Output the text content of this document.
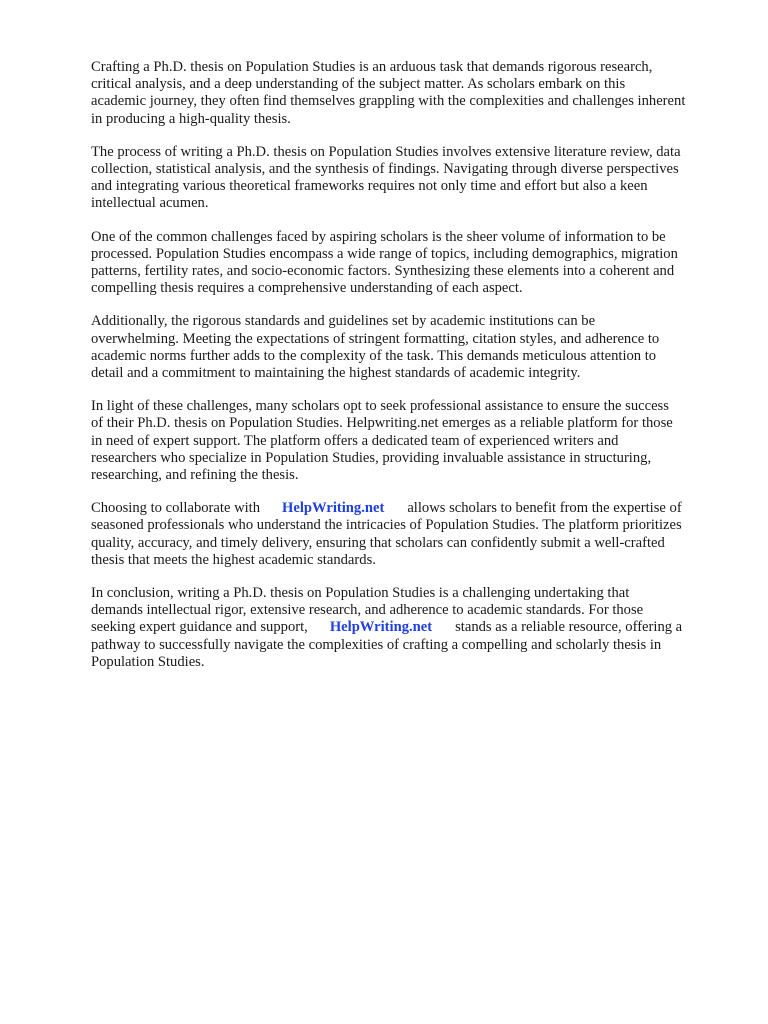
Crafting a Ph.D. thesis on Population Studies is an arduous task that demands rigorous research,
critical analysis, and a deep understanding of the subject matter. As scholars embark on this
academic journey, they often find themselves grappling with the complexities and challenges inherent
in producing a high-quality thesis.

The process of writing a Ph.D. thesis on Population Studies involves extensive literature review, data
collection, statistical analysis, and the synthesis of findings. Navigating through diverse perspectives
and integrating various theoretical frameworks requires not only time and effort but also a keen
intellectual acumen.

One of the common challenges faced by aspiring scholars is the sheer volume of information to be
processed. Population Studies encompass a wide range of topics, including demographics, migration
patterns, fertility rates, and socio-economic factors. Synthesizing these elements into a coherent and
compelling thesis requires a comprehensive understanding of each aspect.

Additionally, the rigorous standards and guidelines set by academic institutions can be
overwhelming. Meeting the expectations of stringent formatting, citation styles, and adherence to
academic norms further adds to the complexity of the task. This demands meticulous attention to
detail and a commitment to maintaining the highest standards of academic integrity.

In light of these challenges, many scholars opt to seek professional assistance to ensure the success
of their Ph.D. thesis on Population Studies. Helpwriting.net emerges as a reliable platform for those
in need of expert support. The platform offers a dedicated team of experienced writers and
researchers who specialize in Population Studies, providing invaluable assistance in structuring,
researching, and refining the thesis.

Choosing to collaborate with HelpWriting.net allows scholars to benefit from the expertise of
seasoned professionals who understand the intricacies of Population Studies. The platform prioritizes
quality, accuracy, and timely delivery, ensuring that scholars can confidently submit a well-crafted
thesis that meets the highest academic standards.

In conclusion, writing a Ph.D. thesis on Population Studies is a challenging undertaking that
demands intellectual rigor, extensive research, and adherence to academic standards. For those
seeking expert guidance and support, HelpWriting.net stands as a reliable resource, offering a
pathway to successfully navigate the complexities of crafting a compelling and scholarly thesis in
Population Studies.
